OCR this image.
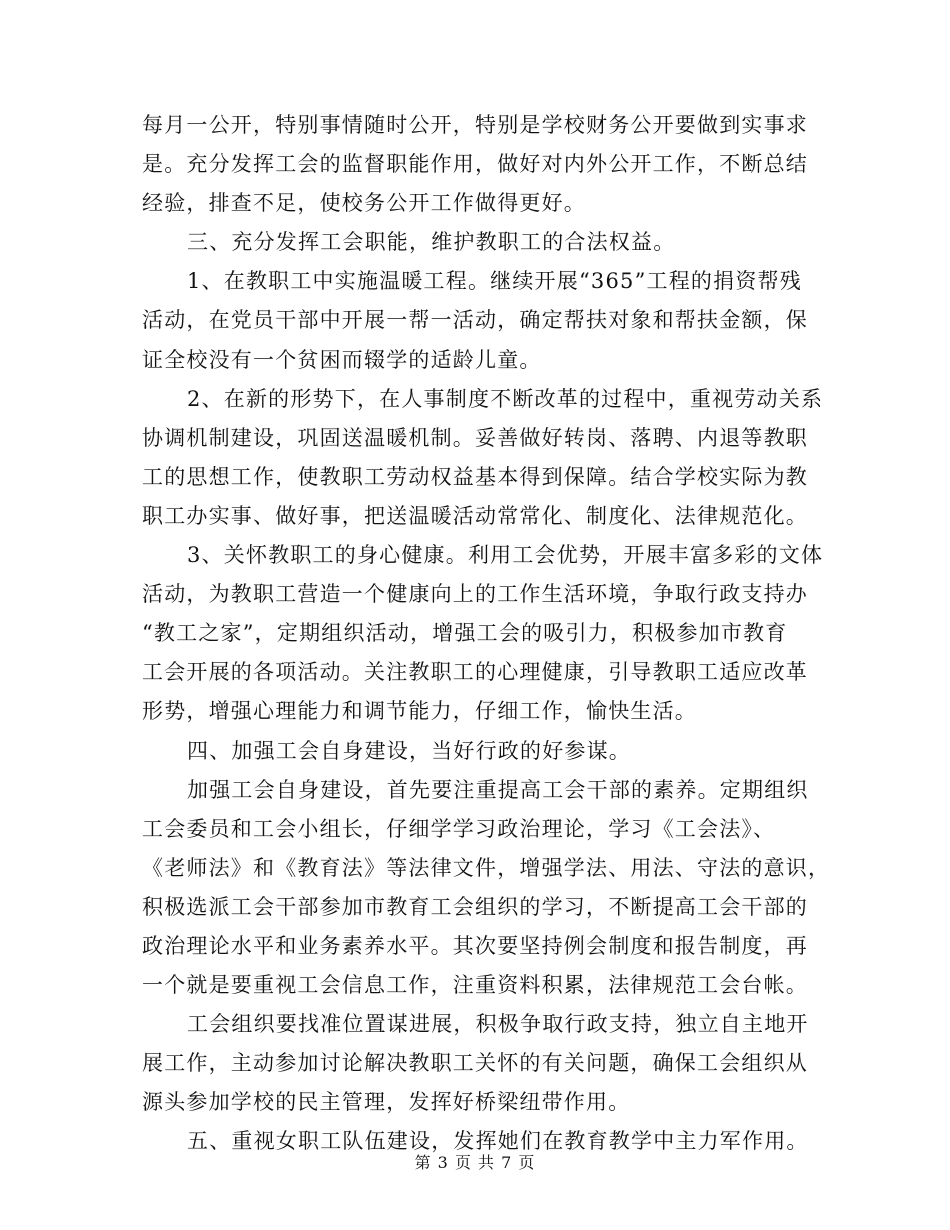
每月一公开，特别事情随时公开，特别是学校财务公开要做到实事求
是。充分发挥工会的监督职能作用，做好对内外公开工作，不断总结
经验，排查不足，使校务公开工作做得更好。
三、充分发挥工会职能，维护教职工的合法权益。
1、在教职工中实施温暖工程。继续开展“365”工程的捐资帮残
活动，在党员干部中开展一帮一活动，确定帮扶对象和帮扶金额，保
证全校没有一个贫困而辍学的适龄儿童。
2、在新的形势下，在人事制度不断改革的过程中，重视劳动关系
协调机制建设，巩固送温暖机制。妥善做好转岗、落聘、内退等教职
工的思想工作，使教职工劳动权益基本得到保障。结合学校实际为教
职工办实事、做好事，把送温暖活动常常化、制度化、法律规范化。
3、关怀教职工的身心健康。利用工会优势，开展丰富多彩的文体
活动，为教职工营造一个健康向上的工作生活环境，争取行政支持办
“教工之家”，定期组织活动，增强工会的吸引力，积极参加市教育
工会开展的各项活动。关注教职工的心理健康，引导教职工适应改革
形势，增强心理能力和调节能力，仔细工作，愉快生活。
四、加强工会自身建设，当好行政的好参谋。
加强工会自身建设，首先要注重提高工会干部的素养。定期组织
工会委员和工会小组长，仔细学学习政治理论，学习《工会法》、
《老师法》和《教育法》等法律文件，增强学法、用法、守法的意识，
积极选派工会干部参加市教育工会组织的学习，不断提高工会干部的
政治理论水平和业务素养水平。其次要坚持例会制度和报告制度，再
一个就是要重视工会信息工作，注重资料积累，法律规范工会台帐。
工会组织要找准位置谋进展，积极争取行政支持，独立自主地开
展工作，主动参加讨论解决教职工关怀的有关问题，确保工会组织从
源头参加学校的民主管理，发挥好桥梁纽带作用。
五、重视女职工队伍建设，发挥她们在教育教学中主力军作用。
第 3 页 共 7 页
